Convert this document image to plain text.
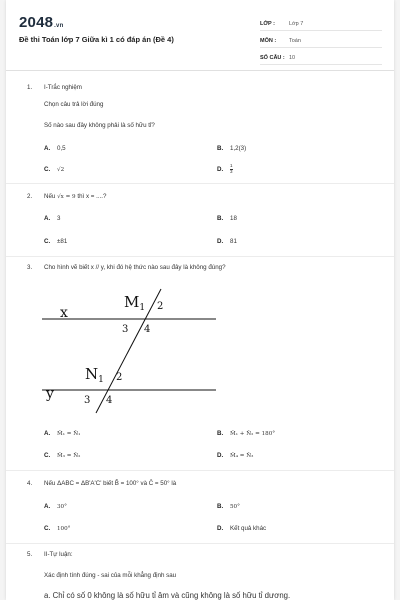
2048.vn
Đề thi Toán lớp 7 Giữa kì 1 có đáp án (Đề 4)
LỚP :	Lớp 7
MÔN :	Toán
SỐ CÂU : 10
1. I-Trắc nghiệm
Chọn câu trả lời đúng
Số nào sau đây không phải là số hữu tỉ?
A. 0,5	B. 1,2(3)
C. √2	D. $\frac{1}{3}$
2. Nếu √x = 9 thì x = ....?
A. 3	B. 18
C. ±81	D. 81
3. Cho hình vẽ biết x // y, khi đó hệ thức nào sau đây là không đúng?
x
y
$M_1$
$N_1$
2
3 4
2
3 4
A. M̂₁ = N̂₁	B. M̂₁ + N̂₂ = 180°
C. M̂₃ = N̂₂	D. M̂₄ = N̂₃
4. Nếu ΔABC = ΔB'A'C' biết B̂ = 100° và Ĉ = 50° là
A. 30°	B. 50°
C. 100°	D. Kết quả khác
5. II-Tự luận:
Xác định tính đúng - sai của mỗi khẳng định sau
a. Chỉ có số 0 không là số hữu tỉ âm và cũng không là số hữu tỉ dương.
